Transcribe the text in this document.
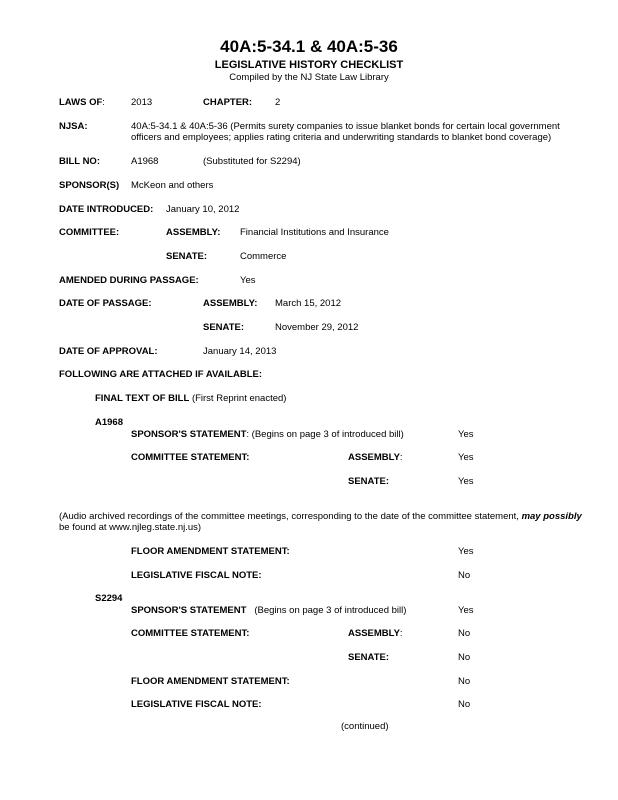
40A:5-34.1 & 40A:5-36
LEGISLATIVE HISTORY CHECKLIST
Compiled by the NJ State Law Library
LAWS OF:	2013	CHAPTER: 2
NJSA:	40A:5-34.1 & 40A:5-36 (Permits surety companies to issue blanket bonds for certain local government
officers and employees; applies rating criteria and underwriting standards to blanket bond coverage)
BILL NO:	A1968	(Substituted for S2294)
SPONSOR(S) McKeon and others
DATE INTRODUCED: January 10, 2012
COMMITTEE:	ASSEMBLY: Financial Institutions and Insurance
SENATE:	Commerce
AMENDED DURING PASSAGE:	Yes
DATE OF PASSAGE:	ASSEMBLY: March 15, 2012
SENATE:	November 29, 2012
DATE OF APPROVAL:	January 14, 2013
FOLLOWING ARE ATTACHED IF AVAILABLE:
FINAL TEXT OF BILL (First Reprint enacted)
A1968
SPONSOR'S STATEMENT: (Begins on page 3 of introduced bill)	Yes
COMMITTEE STATEMENT:	ASSEMBLY:	Yes
SENATE:	Yes
(Audio archived recordings of the committee meetings, corresponding to the date of the committee statement, may possibly
be found at www.njleg.state.nj.us)
FLOOR AMENDMENT STATEMENT:	Yes
LEGISLATIVE FISCAL NOTE:	No
S2294
SPONSOR'S STATEMENT (Begins on page 3 of introduced bill)	Yes
COMMITTEE STATEMENT:	ASSEMBLY:	No
SENATE:	No
FLOOR AMENDMENT STATEMENT:	No
LEGISLATIVE FISCAL NOTE:	No
(continued)
